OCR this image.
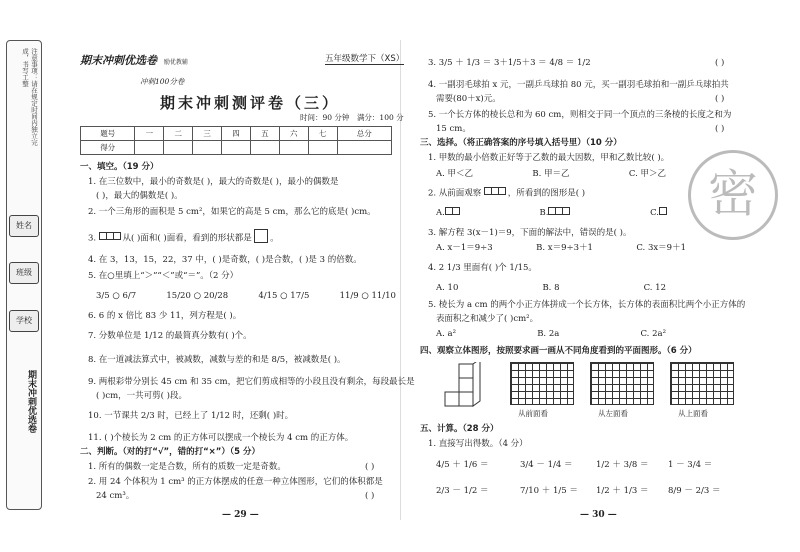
注意事项：请在规定时间内独立完成，书写工整
姓名
班级
学校
期末冲刺优选卷
期末冲刺优选卷 励优教辅	五年级数学下（XS）
冲刺100分卷
期末冲刺测评卷（三）
时间：90 分钟　 满分：100 分
题号	一	二	三	四	五	六	七	总分
得分								
一、填空。（19 分）
1. 在三位数中，最小的奇数是( )，最大的奇数是( )，最小的偶数是
( )，最大的偶数是( )。
2. 一个三角形的面积是 5 cm²，如果它的高是 5 cm，那么它的底是( )cm。
3.	从( )面和( )面看，看到的形状都是 。
4. 在 3，13，15，22，37 中，( )是奇数，( )是合数，( )是 3 的倍数。
5. 在○里填上“＞”“＜”或“＝”。（2 分）
3/5 ○ 6/7	15/20 ○ 20/28	4/15 ○ 17/5	11/9 ○ 11/10
6. 6 的 x 倍比 83 少 11，列方程是( )。
7. 分数单位是 1/12 的最简真分数有( )个。
8. 在一道减法算式中，被减数，减数与差的和是 8/5，被减数是( )。
9. 两根彩带分别长 45 cm 和 35 cm，把它们剪成相等的小段且没有剩余，每段最长是
( )cm，一共可剪( )段。
10. 一节课共 2/3 时，已经上了 1/12 时，还剩( )时。
11. ( )个棱长为 2 cm 的正方体可以摆成一个棱长为 4 cm 的正方体。
二、判断。（对的打“√”，错的打“×”）（5 分）
1. 所有的偶数一定是合数，所有的质数一定是奇数。	( )
2. 用 24 个体积为 1 cm³ 的正方体摆成的任意一种立体图形，它们的体积都是
24 cm³。	( )
— 29 —
密
3. 3/5 ＋ 1/3 ＝ 3＋1/5＋3 ＝ 4/8 ＝ 1/2	( )
4. 一副羽毛球拍 x 元，一副乒乓球拍 80 元，买一副羽毛球拍和一副乒乓球拍共
需要(80＋x)元。	( )
5. 一个长方体的棱长总和为 60 cm，则相交于同一个顶点的三条棱的长度之和为
15 cm。	( )
三、选择。（将正确答案的序号填入括号里）（10 分）
1. 甲数的最小倍数正好等于乙数的最大因数，甲和乙数比较( )。
A. 甲＜乙	B. 甲＝乙	C. 甲＞乙
2. 从前面观察	，所看到的图形是( )
A.	B.	C.
3. 解方程 3(x－1)＝9，下面的解法中，错误的是( )。
A. x－1＝9÷3	B. x＝9÷3＋1	C. 3x＝9＋1
4. 2 1/3 里面有( )个 1/15。
A. 10	B. 8	C. 12
5. 棱长为 a cm 的两个小正方体拼成一个长方体，长方体的表面积比两个小正方体的
表面积之和减少了( )cm²。
A. a²	B. 2a	C. 2a²
四、观察立体图形，按照要求画一画从不同角度看到的平面图形。（6 分）
从前面看	从左面看	从上面看
五、计算。（28 分）
1. 直接写出得数。（4 分）
4/5 ＋ 1/6 ＝	3/4 － 1/4 ＝	1/2 ＋ 3/8 ＝ 1 － 3/4 ＝
2/3 － 1/2 ＝	7/10 ＋ 1/5 ＝ 1/2 ＋ 1/3 ＝ 8/9 － 2/3 ＝
— 30 —
